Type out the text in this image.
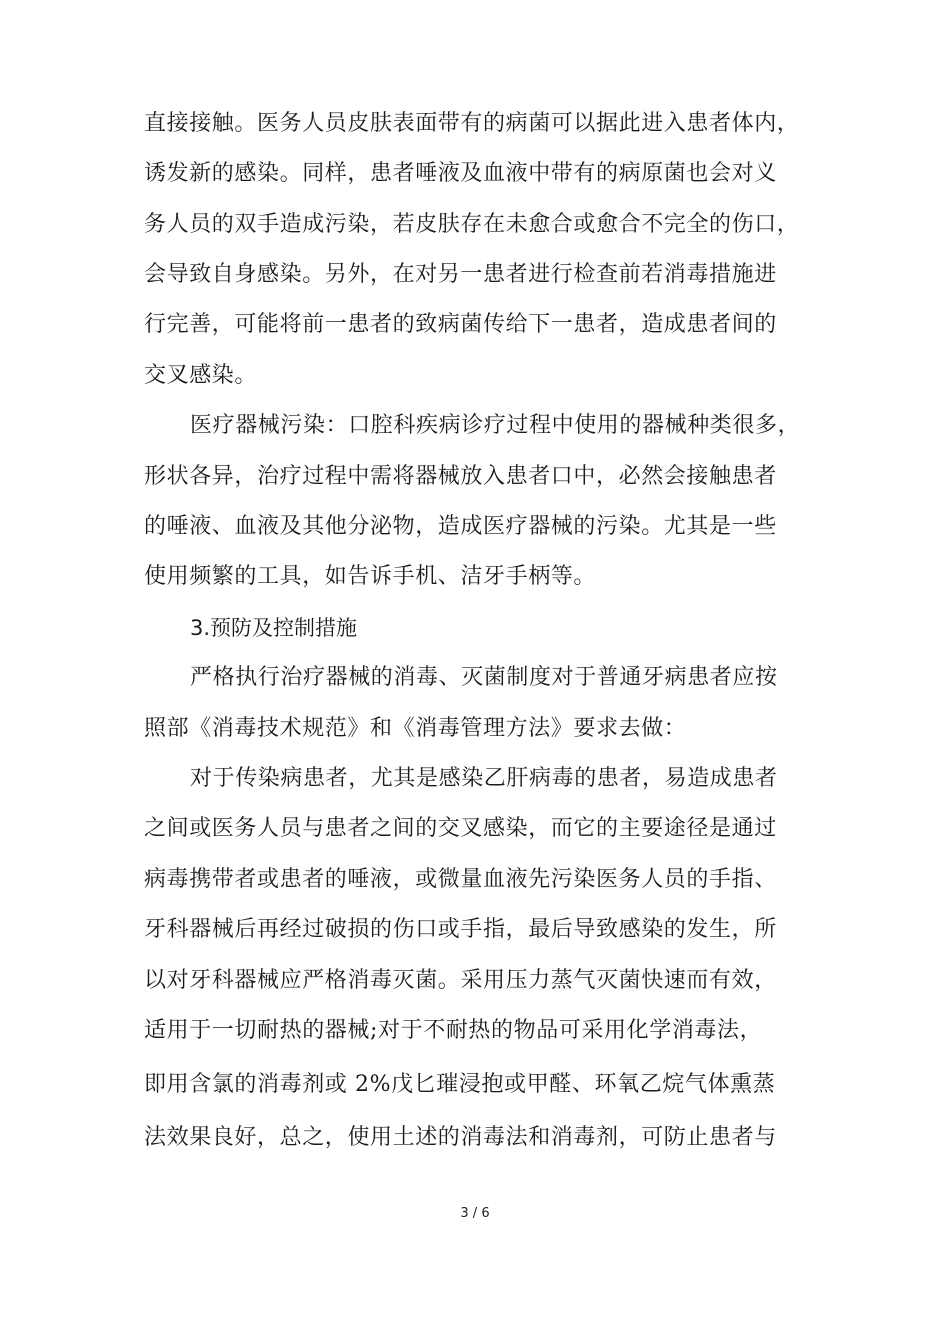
直接接触。医务人员皮肤表面带有的病菌可以据此进入患者体内，
诱发新的感染。同样，患者唾液及血液中带有的病原菌也会对义
务人员的双手造成污染，若皮肤存在未愈合或愈合不完全的伤口，
会导致自身感染。另外，在对另一患者进行检查前若消毒措施进
行完善，可能将前一患者的致病菌传给下一患者，造成患者间的
交叉感染。
医疗器械污染：口腔科疾病诊疗过程中使用的器械种类很多，
形状各异，治疗过程中需将器械放入患者口中，必然会接触患者
的唾液、血液及其他分泌物，造成医疗器械的污染。尤其是一些
使用频繁的工具，如告诉手机、洁牙手柄等。
3.预防及控制措施
严格执行治疗器械的消毒、灭菌制度对于普通牙病患者应按
照部《消毒技术规范》和《消毒管理方法》要求去做：
对于传染病患者，尤其是感染乙肝病毒的患者，易造成患者
之间或医务人员与患者之间的交叉感染，而它的主要途径是通过
病毒携带者或患者的唾液，或微量血液先污染医务人员的手指、
牙科器械后再经过破损的伤口或手指，最后导致感染的发生，所
以对牙科器械应严格消毒灭菌。采用压力蒸气灭菌快速而有效，
适用于一切耐热的器械;对于不耐热的物品可采用化学消毒法，
即用含氯的消毒剂或 2%戊匕璀浸抱或甲醛、环氧乙烷气体熏蒸
法效果良好，总之，使用土述的消毒法和消毒剂，可防止患者与
3 / 6
